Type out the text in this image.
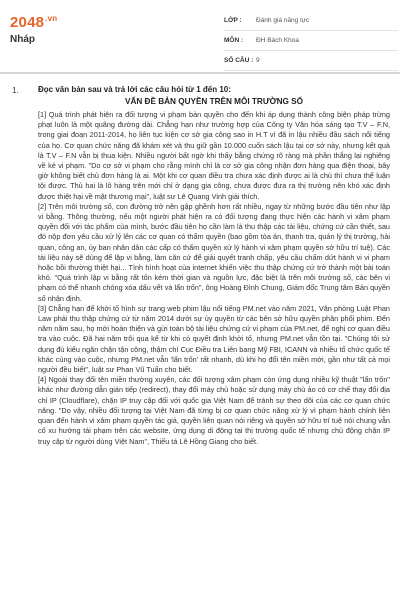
$2048^{.vn}$
Nháp
LỚP :	Đánh giá năng lực
MÔN :	ĐH Bách Khoa
SỐ CÂU : 9
1. Đọc văn bản sau và trả lời các câu hỏi từ 1 đến 10:
VẤN ĐỀ BẢN QUYỀN TRÊN MÔI TRƯỜNG SỐ

[1] Quá trình phát hiện ra đối tượng vi phạm bản quyền cho đến khi áp dụng thành công biện pháp trừng phạt luôn là một quãng đường dài. Chẳng hạn như trường hợp của Công ty Văn hóa sáng tạo T.V – F.N, trong giai đoạn 2011-2014, họ liên tục kiện cơ sở gia công sao in H.T vì đã in lậu nhiều đầu sách nổi tiếng của họ. Cơ quan chức năng đã khám xét và thu giữ gần 10.000 cuốn sách lậu tại cơ sở này, nhưng kết quả là T.V – F.N vẫn bị thua kiện. Nhiều người bất ngờ khi thấy bằng chứng rõ ràng mà phần thắng lại nghiêng về kẻ vi phạm. "Do cơ sở vi phạm cho rằng mình chỉ là cơ sở gia công nhận đơn hàng qua điện thoại, bây giờ không biết chủ đơn hàng là ai. Một khi cơ quan điều tra chưa xác định được ai là chủ thì chưa thể luận tội được. Thủ hai là lô hàng trên mới chỉ ở dạng gia công, chưa được đưa ra thị trường nên khó xác định được thiệt hại về mặt thương mại", luật sư Lê Quang Vinh giải thích.

[2] Trên môi trường số, con đường trở nên gập ghềnh hơn rất nhiều, ngay từ những bước đầu tiên như lập vi bằng. Thông thường, nếu một người phát hiện ra có đối tượng đang thực hiện các hành vi xâm phạm quyền đối với tác phẩm của mình, bước đầu tiên họ cần làm là thu thập các tài liệu, chứng cứ cần thiết, sau đó nộp đơn yêu cầu xử lý lên các cơ quan có thẩm quyền (bao gồm tòa án, thanh tra, quản lý thị trường, hải quan, công an, ủy ban nhân dân các cấp có thẩm quyền xử lý hành vi xâm phạm quyền sở hữu trí tuệ). Các tài liệu này sẽ dùng để lập vi bằng, làm căn cứ để giải quyết tranh chấp, yêu cầu chấm dứt hành vi vi phạm hoặc bồi thường thiệt hại... Tình hình hoạt của internet khiến việc thu thập chứng cứ trở thành một bài toán khó. "Quá trình lập vi bằng rất tốn kém thời gian và nguồn lực, đặc biệt là trên môi trường số, các bên vi phạm có thể nhanh chóng xóa dấu vết và lẩn trốn", ông Hoàng Đình Chung, Giám đốc Trung tâm Bản quyền số nhận định.

[3] Chẳng hạn để khởi tố hình sự trang web phim lậu nổi tiếng PM.net vào năm 2021, Văn phòng Luật Phan Law phải thu thập chứng cứ từ năm 2014 dưới sự ủy quyền từ các bên sở hữu quyền phân phối phim. Đến năm năm sau, họ mới hoàn thiện và gửi toàn bộ tài liệu chứng cứ vi phạm của PM.net, để nghị cơ quan điều tra vào cuộc. Đã hai năm trôi qua kể từ khi có quyết định khởi tố, nhưng PM.net vẫn tồn tại. "Chúng tôi sử dụng đủ kiểu ngăn chặn tận công, thậm chí Cục Điều tra Liên bang Mỹ FBI, ICANN và nhiều tổ chức quốc tế khác cùng vào cuộc, nhưng PM.net vẫn 'lẩn trốn' rất nhanh, dù khi họ đổi tên miền mới, gần như tất cả mọi người đều biết", luật sư Phan Vũ Tuấn cho biết.

[4] Ngoài thay đổi tên miền thường xuyên, các đối tượng xâm phạm còn ứng dụng nhiều kỹ thuật "lẩn trốn" khác như đường dẫn gián tiếp (redirect), thay đổi máy chủ hoặc sử dụng máy chủ ảo có cơ chế thay đổi địa chỉ IP (Cloudflare), chặn IP truy cập đối với quốc gia Việt Nam để tránh sự theo dõi của các cơ quan chức năng. "Do vậy, nhiều đối tượng tại Việt Nam đã từng bị cơ quan chức năng xử lý vì phạm hành chính liên quan đến hành vi xâm phạm quyền tác giả, quyền liên quan nói riêng và quyền sở hữu trí tuệ nói chung vẫn cố xu hướng tái phạm trên các website, ứng dụng di động tại thị trường quốc tế nhưng chủ động chặn IP truy cập từ người dùng Việt Nam", Thiếu tá Lê Hồng Giang cho biết.
